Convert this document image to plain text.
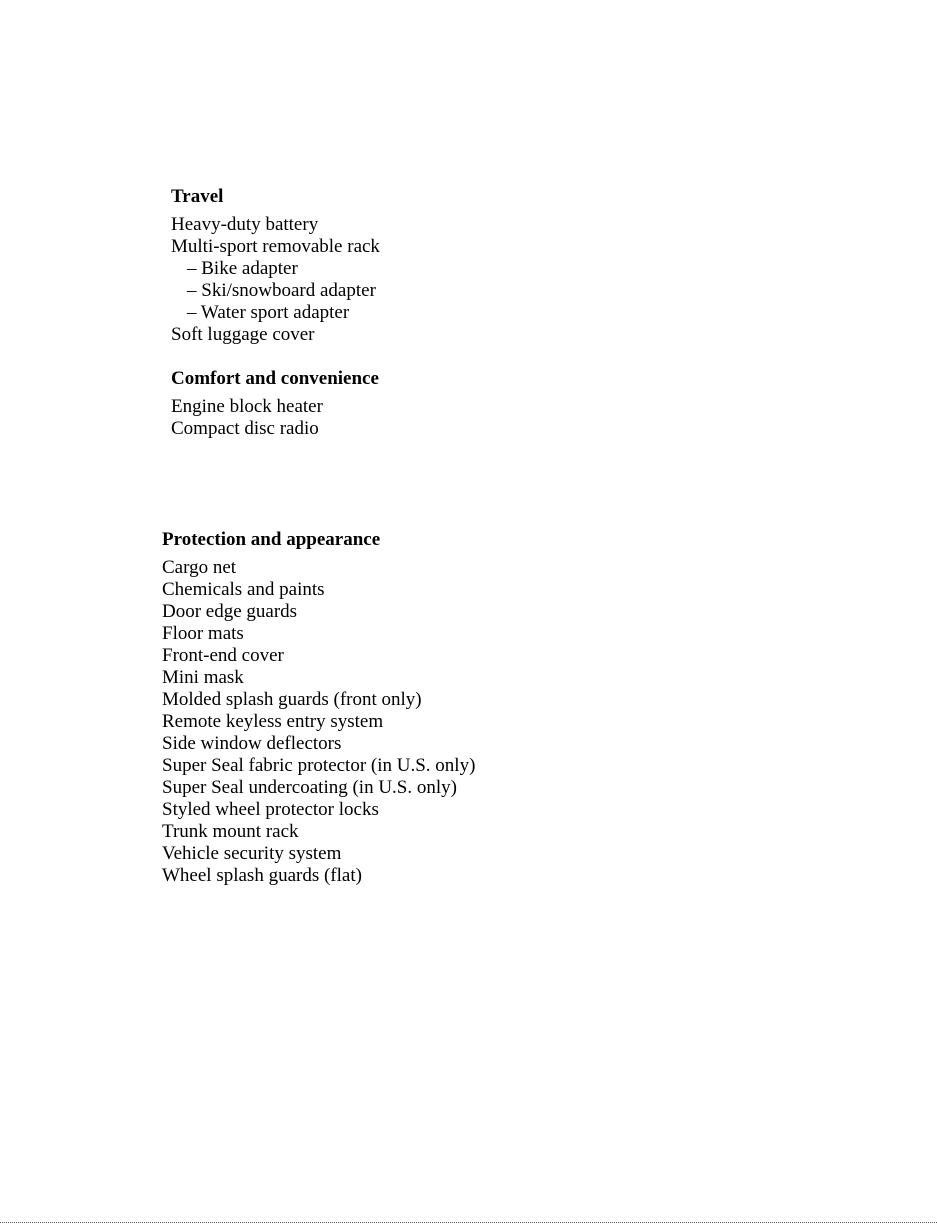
Travel
Heavy-duty battery
Multi-sport removable rack
– Bike adapter
– Ski/snowboard adapter
– Water sport adapter
Soft luggage cover
Comfort and convenience
Engine block heater
Compact disc radio
Protection and appearance
Cargo net
Chemicals and paints
Door edge guards
Floor mats
Front-end cover
Mini mask
Molded splash guards (front only)
Remote keyless entry system
Side window deflectors
Super Seal fabric protector (in U.S. only)
Super Seal undercoating (in U.S. only)
Styled wheel protector locks
Trunk mount rack
Vehicle security system
Wheel splash guards (flat)
